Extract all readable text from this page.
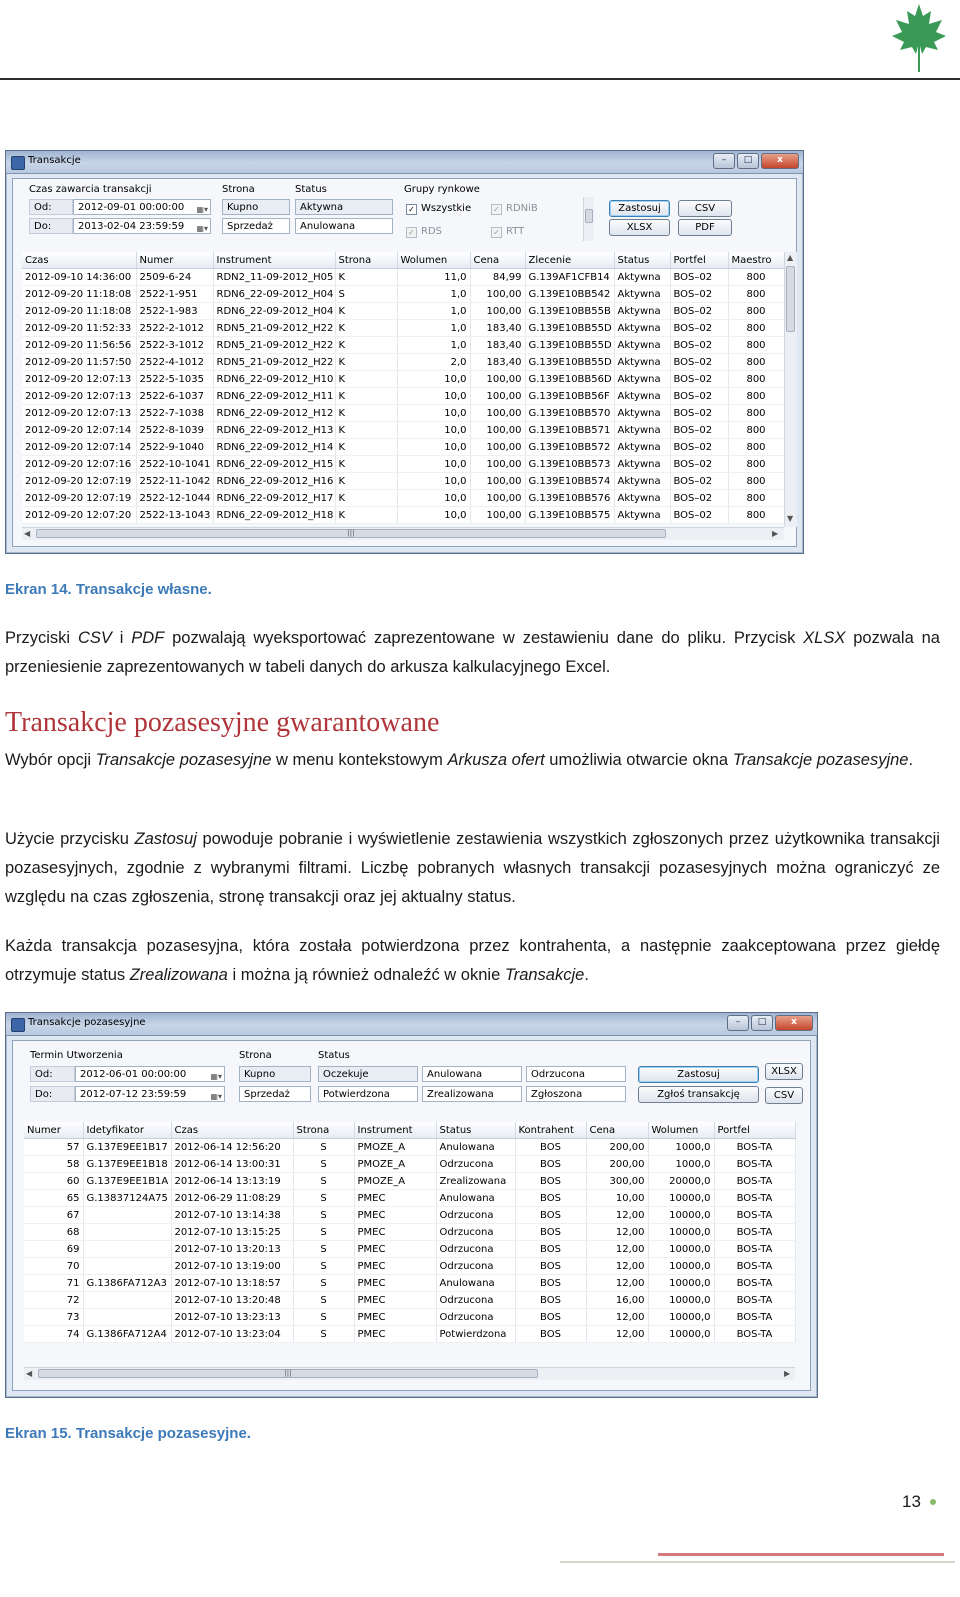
Transakcje	–	□	x
Czas zawarcia transakcji
Od:	2012-09-01 00:00:00 ▦▾
Do:	2013-02-04 23:59:59 ▦▾
Strona
Kupno
Sprzedaż
Status
Aktywna
Anulowana
Grupy rynkowe
✓ Wszystkie	✓ RDNiB
✓ RDS	✓ RTT
Zastosuj	CSV
XLSX	PDF
Czas	Numer	Instrument	Strona	Wolumen	Cena	Zlecenie	Status	Portfel	Maestro
2012-09-10 14:36:00	2509-6-24	RDN2_11-09-2012_H05	K	11,0	84,99	G.139AF1CFB14	Aktywna	BOS–02	800
2012-09-20 11:18:08	2522-1-951	RDN6_22-09-2012_H04	S	1,0	100,00	G.139E10BB542	Aktywna	BOS–02	800
2012-09-20 11:18:08	2522-1-983	RDN6_22-09-2012_H04	K	1,0	100,00	G.139E10BB55B	Aktywna	BOS–02	800
2012-09-20 11:52:33	2522-2-1012	RDN5_21-09-2012_H22	K	1,0	183,40	G.139E10BB55D	Aktywna	BOS–02	800
2012-09-20 11:56:56	2522-3-1012	RDN5_21-09-2012_H22	K	1,0	183,40	G.139E10BB55D	Aktywna	BOS–02	800
2012-09-20 11:57:50	2522-4-1012	RDN5_21-09-2012_H22	K	2,0	183,40	G.139E10BB55D	Aktywna	BOS–02	800
2012-09-20 12:07:13	2522-5-1035	RDN6_22-09-2012_H10	K	10,0	100,00	G.139E10BB56D	Aktywna	BOS–02	800
2012-09-20 12:07:13	2522-6-1037	RDN6_22-09-2012_H11	K	10,0	100,00	G.139E10BB56F	Aktywna	BOS–02	800
2012-09-20 12:07:13	2522-7-1038	RDN6_22-09-2012_H12	K	10,0	100,00	G.139E10BB570	Aktywna	BOS–02	800
2012-09-20 12:07:14	2522-8-1039	RDN6_22-09-2012_H13	K	10,0	100,00	G.139E10BB571	Aktywna	BOS–02	800
2012-09-20 12:07:14	2522-9-1040	RDN6_22-09-2012_H14	K	10,0	100,00	G.139E10BB572	Aktywna	BOS–02	800
2012-09-20 12:07:16	2522-10-1041	RDN6_22-09-2012_H15	K	10,0	100,00	G.139E10BB573	Aktywna	BOS–02	800
2012-09-20 12:07:19	2522-11-1042	RDN6_22-09-2012_H16	K	10,0	100,00	G.139E10BB574	Aktywna	BOS–02	800
2012-09-20 12:07:19	2522-12-1044	RDN6_22-09-2012_H17	K	10,0	100,00	G.139E10BB576	Aktywna	BOS–02	800
2012-09-20 12:07:20	2522-13-1043	RDN6_22-09-2012_H18	K	10,0	100,00	G.139E10BB575	Aktywna	BOS–02	800
▲
▼
◀	|||	▶
Ekran 14. Transakcje własne.

Przyciski CSV i PDF pozwalają wyeksportować zaprezentowane w zestawieniu dane do pliku. Przycisk XLSX pozwala na przeniesienie zaprezentowanych w tabeli danych do arkusza kalkulacyjnego Excel.

Transakcje pozasesyjne gwarantowane

Wybór opcji Transakcje pozasesyjne w menu kontekstowym Arkusza ofert umożliwia otwarcie okna Transakcje pozasesyjne.

Użycie przycisku Zastosuj powoduje pobranie i wyświetlenie zestawienia wszystkich zgłoszonych przez użytkownika transakcji pozasesyjnych, zgodnie z wybranymi filtrami. Liczbę pobranych własnych transakcji pozasesyjnych można ograniczyć ze względu na czas zgłoszenia, stronę transakcji oraz jej aktualny status.

Każda transakcja pozasesyjna, która została potwierdzona przez kontrahenta, a następnie zaakceptowana przez giełdę otrzymuje status Zrealizowana i można ją również odnaleźć w oknie Transakcje.

Transakcje pozasesyjne	–	□	x
Termin Utworzenia
Od:	2012-06-01 00:00:00	▦▾
Do:	2012-07-12 23:59:59	▦▾
Strona
Kupno
Sprzedaż
Status
Oczekuje	Anulowana	Odrzucona
Potwierdzona	Zrealizowana	Zgłoszona
Zastosuj
Zgłoś transakcję
XLSX
CSV
Numer	Idetyfikator	Czas	Strona	Instrument	Status	Kontrahent	Cena	Wolumen	Portfel
57	G.137E9EE1B17	2012-06-14 12:56:20	S	PMOZE_A	Anulowana	BOS	200,00	1000,0	BOS-TA
58	G.137E9EE1B18	2012-06-14 13:00:31	S	PMOZE_A	Odrzucona	BOS	200,00	1000,0	BOS-TA
60	G.137E9EE1B1A	2012-06-14 13:13:19	S	PMOZE_A	Zrealizowana	BOS	300,00	20000,0	BOS-TA
65	G.13837124A75	2012-06-29 11:08:29	S	PMEC	Anulowana	BOS	10,00	10000,0	BOS-TA
67		2012-07-10 13:14:38	S	PMEC	Odrzucona	BOS	12,00	10000,0	BOS-TA
68		2012-07-10 13:15:25	S	PMEC	Odrzucona	BOS	12,00	10000,0	BOS-TA
69		2012-07-10 13:20:13	S	PMEC	Odrzucona	BOS	12,00	10000,0	BOS-TA
70		2012-07-10 13:19:00	S	PMEC	Odrzucona	BOS	12,00	10000,0	BOS-TA
71	G.1386FA712A3	2012-07-10 13:18:57	S	PMEC	Anulowana	BOS	12,00	10000,0	BOS-TA
72		2012-07-10 13:20:48	S	PMEC	Odrzucona	BOS	16,00	10000,0	BOS-TA
73		2012-07-10 13:23:13	S	PMEC	Odrzucona	BOS	12,00	10000,0	BOS-TA
74	G.1386FA712A4	2012-07-10 13:23:04	S	PMEC	Potwierdzona	BOS	12,00	10000,0	BOS-TA
◀	|||	▶
Ekran 15. Transakcje pozasesyjne.
13
